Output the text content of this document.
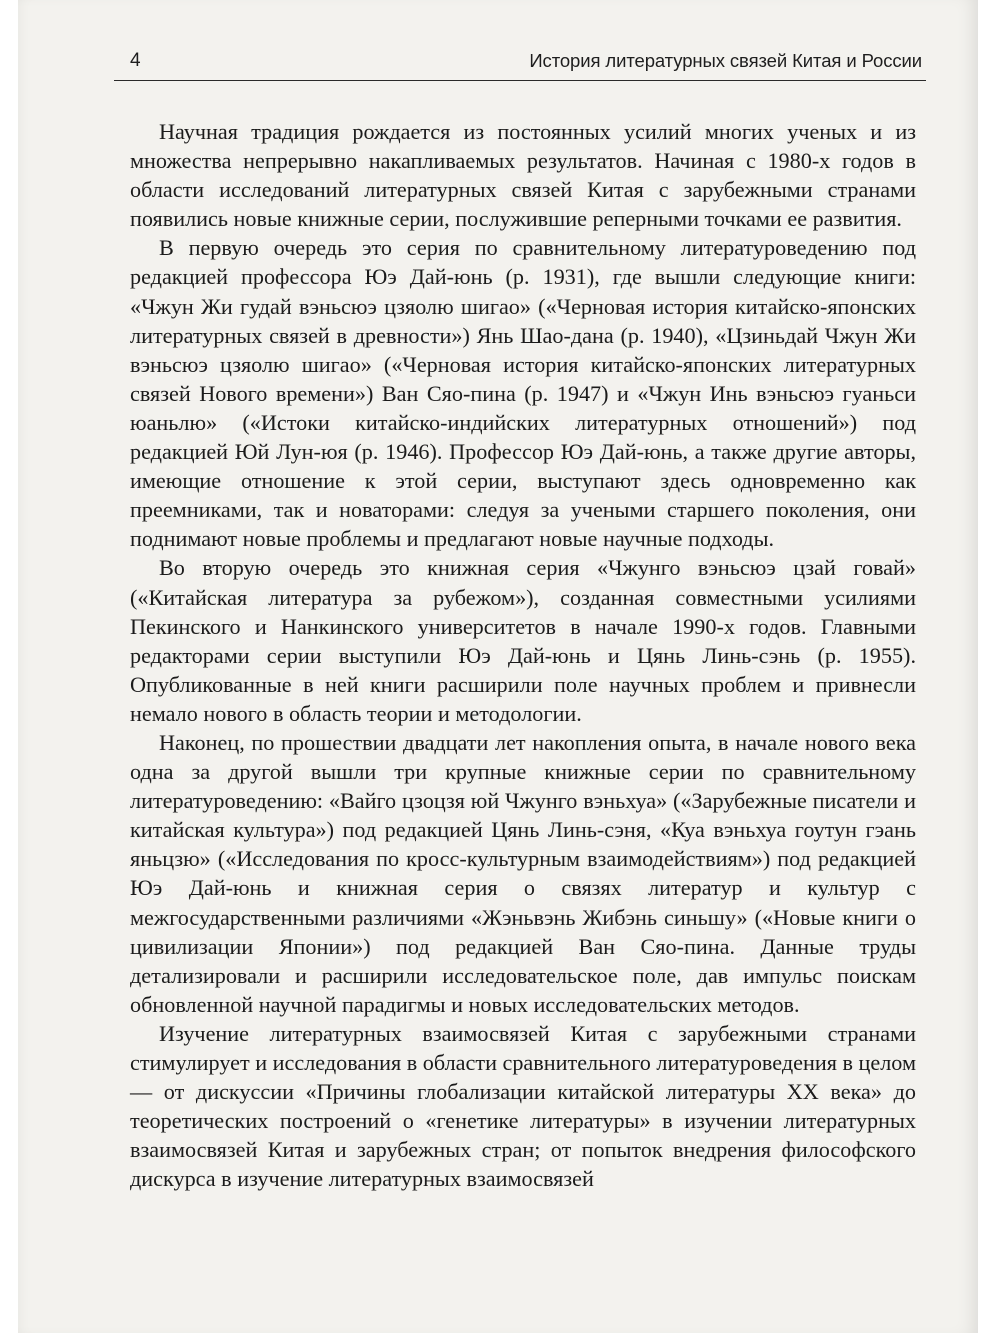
4	История литературных связей Китая и России

Научная традиция рождается из постоянных усилий многих ученых и из множества непрерывно накапливаемых результатов. Начиная с 1980-х годов в области исследований литературных связей Китая с зарубежными странами появились новые книжные серии, послужившие реперными точками ее развития.

В первую очередь это серия по сравнительному литературоведению под редакцией профессора Юэ Дай-юнь (р. 1931), где вышли следующие книги: «Чжун Жи гудай вэньсюэ цзяолю шигао» («Черновая история китайско-японских литературных связей в древности») Янь Шао-дана (р. 1940), «Цзиньдай Чжун Жи вэньсюэ цзяолю шигао» («Черновая история китайско-японских литературных связей Нового времени») Ван Сяо-пина (р. 1947) и «Чжун Инь вэньсюэ гуаньси юаньлю» («Истоки китайско-индийских литературных отношений») под редакцией Юй Лун-юя (р. 1946). Профессор Юэ Дай-юнь, а также другие авторы, имеющие отношение к этой серии, выступают здесь одновременно как преемниками, так и новаторами: следуя за учеными старшего поколения, они поднимают новые проблемы и предлагают новые научные подходы.

Во вторую очередь это книжная серия «Чжунго вэньсюэ цзай говай» («Китайская литература за рубежом»), созданная совместными усилиями Пекинского и Нанкинского университетов в начале 1990-х годов. Главными редакторами серии выступили Юэ Дай-юнь и Цянь Линь-сэнь (р. 1955). Опубликованные в ней книги расширили поле научных проблем и привнесли немало нового в область теории и методологии.

Наконец, по прошествии двадцати лет накопления опыта, в начале нового века одна за другой вышли три крупные книжные серии по сравнительному литературоведению: «Вайго цзоцзя юй Чжунго вэньхуа» («Зарубежные писатели и китайская культура») под редакцией Цянь Линь-сэня, «Куа вэньхуа гоутун гэань яньцзю» («Исследования по кросс-культурным взаимодействиям») под редакцией Юэ Дай-юнь и книжная серия о связях литератур и культур с межгосударственными различиями «Жэньвэнь Жибэнь синьшу» («Новые книги о цивилизации Японии») под редакцией Ван Сяо-пина. Данные труды детализировали и расширили исследовательское поле, дав импульс поискам обновленной научной парадигмы и новых исследовательских методов.

Изучение литературных взаимосвязей Китая с зарубежными странами стимулирует и исследования в области сравнительного литературоведения в целом — от дискуссии «Причины глобализации китайской литературы XX века» до теоретических построений о «генетике литературы» в изучении литературных взаимосвязей Китая и зарубежных стран; от попыток внедрения философского дискурса в изучение литературных взаимосвязей
